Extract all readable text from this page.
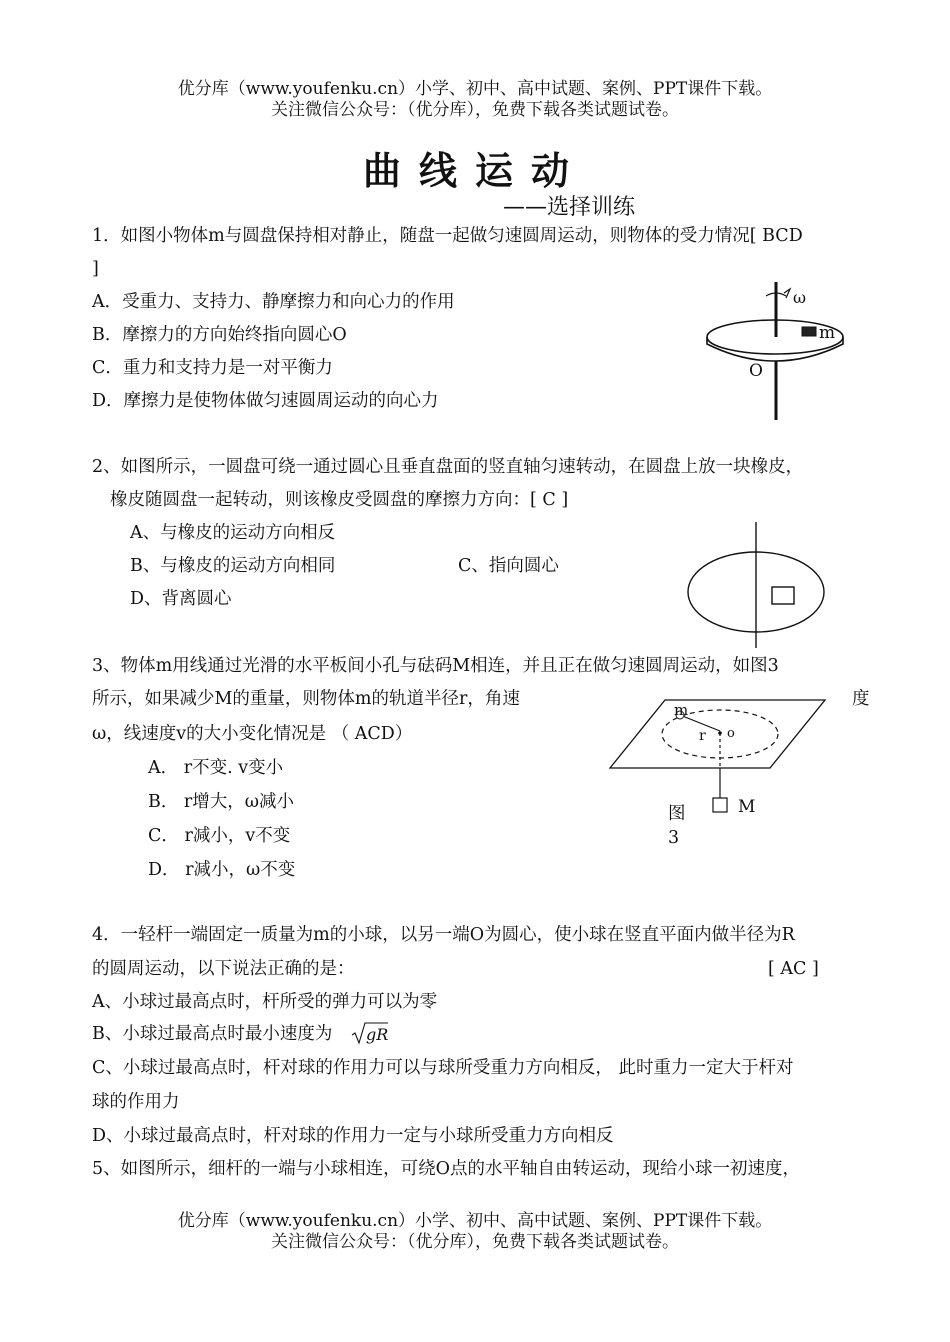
优分库（www.youfenku.cn）小学、初中、高中试题、案例、PPT课件下载。
关注微信公众号：（优分库），免费下载各类试题试卷。
曲线运动
——选择训练
1．如图小物体m与圆盘保持相对静止，随盘一起做匀速圆周运动，则物体的受力情况[ BCD
]
A．受重力、支持力、静摩擦力和向心力的作用
B．摩擦力的方向始终指向圆心O
C．重力和支持力是一对平衡力
D．摩擦力是使物体做匀速圆周运动的向心力
ω
m
O
2、如图所示，一圆盘可绕一通过圆心且垂直盘面的竖直轴匀速转动，在圆盘上放一块橡皮，
橡皮随圆盘一起转动，则该橡皮受圆盘的摩擦力方向：[ C ]
A、与橡皮的运动方向相反
B、与橡皮的运动方向相同	C、指向圆心
D、背离圆心
3、物体m用线通过光滑的水平板间小孔与砝码M相连，并且正在做匀速圆周运动，如图3
所示，如果减少M的重量，则物体m的轨道半径r，角速	度
ω，线速度v的大小变化情况是 （ ACD）
A． r不变. v变小
B． r增大，ω减小
C． r减小，v不变
D． r减小，ω不变
m
r o
M
图
3
4．一轻杆一端固定一质量为m的小球，以另一端O为圆心，使小球在竖直平面内做半径为R
的圆周运动，以下说法正确的是：	[ AC ]
A、小球过最高点时，杆所受的弹力可以为零
B、小球过最高点时最小速度为 gR
C、小球过最高点时，杆对球的作用力可以与球所受重力方向相反， 此时重力一定大于杆对
球的作用力
D、小球过最高点时，杆对球的作用力一定与小球所受重力方向相反
5、如图所示，细杆的一端与小球相连，可绕O点的水平轴自由转运动，现给小球一初速度，
优分库（www.youfenku.cn）小学、初中、高中试题、案例、PPT课件下载。
关注微信公众号：（优分库），免费下载各类试题试卷。
